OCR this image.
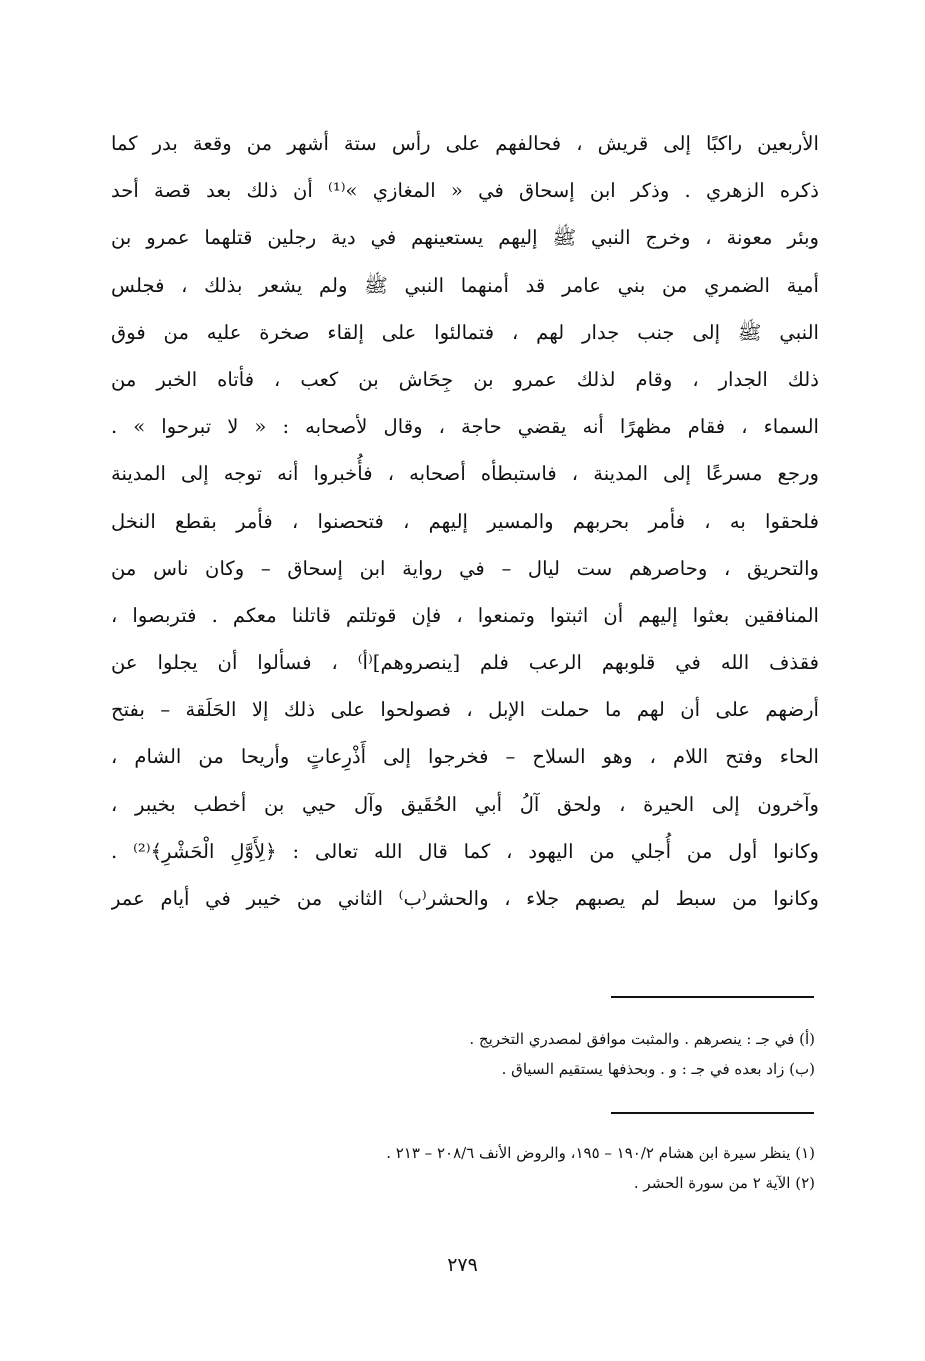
الأربعين راكبًا إلى قريش ، فحالفهم على رأس ستة أشهر من وقعة بدر كما
ذكره الزهري . وذكر ابن إسحاق في « المغازي »⁽¹⁾ أن ذلك بعد قصة أحد
وبئر معونة ، وخرج النبي ﷺ إليهم يستعينهم في دية رجلين قتلهما عمرو بن
أمية الضمري من بني عامر قد أمنهما النبي ﷺ ولم يشعر بذلك ، فجلس
النبي ﷺ إلى جنب جدار لهم ، فتمالئوا على إلقاء صخرة عليه من فوق
ذلك الجدار ، وقام لذلك عمرو بن جِحَاش بن كعب ، فأتاه الخبر من
السماء ، فقام مظهرًا أنه يقضي حاجة ، وقال لأصحابه : « لا تبرحوا » .
ورجع مسرعًا إلى المدينة ، فاستبطأه أصحابه ، فأُخبروا أنه توجه إلى المدينة
فلحقوا به ، فأمر بحربهم والمسير إليهم ، فتحصنوا ، فأمر بقطع النخل
والتحريق ، وحاصرهم ست ليال – في رواية ابن إسحاق – وكان ناس من
المنافقين بعثوا إليهم أن اثبتوا وتمنعوا ، فإن قوتلتم قاتلنا معكم . فتربصوا ،
فقذف الله في قلوبهم الرعب فلم [ينصروهم]⁽أ⁾ ، فسألوا أن يجلوا عن
أرضهم على أن لهم ما حملت الإبل ، فصولحوا على ذلك إلا الحَلَقة – بفتح
الحاء وفتح اللام ، وهو السلاح – فخرجوا إلى أَذْرِعاتٍ وأريحا من الشام ،
وآخرون إلى الحيرة ، ولحق آلُ أبي الحُقَيق وآل حيي بن أخطب بخيبر ،
وكانوا أول من أُجلي من اليهود ، كما قال الله تعالى : ﴿لِأَوَّلِ الْحَشْرِ﴾⁽²⁾ .
وكانوا من سبط لم يصبهم جلاء ، والحشر⁽ب⁾ الثاني من خيبر في أيام عمر
(أ) في جـ : ينصرهم . والمثبت موافق لمصدري التخريج .
(ب) زاد بعده في جـ : و . وبحذفها يستقيم السياق .
(١) ينظر سيرة ابن هشام ١٩٠/٢ – ١٩٥، والروض الأنف ٢٠٨/٦ – ٢١٣ .
(٢) الآية ٢ من سورة الحشر .
٢٧٩
